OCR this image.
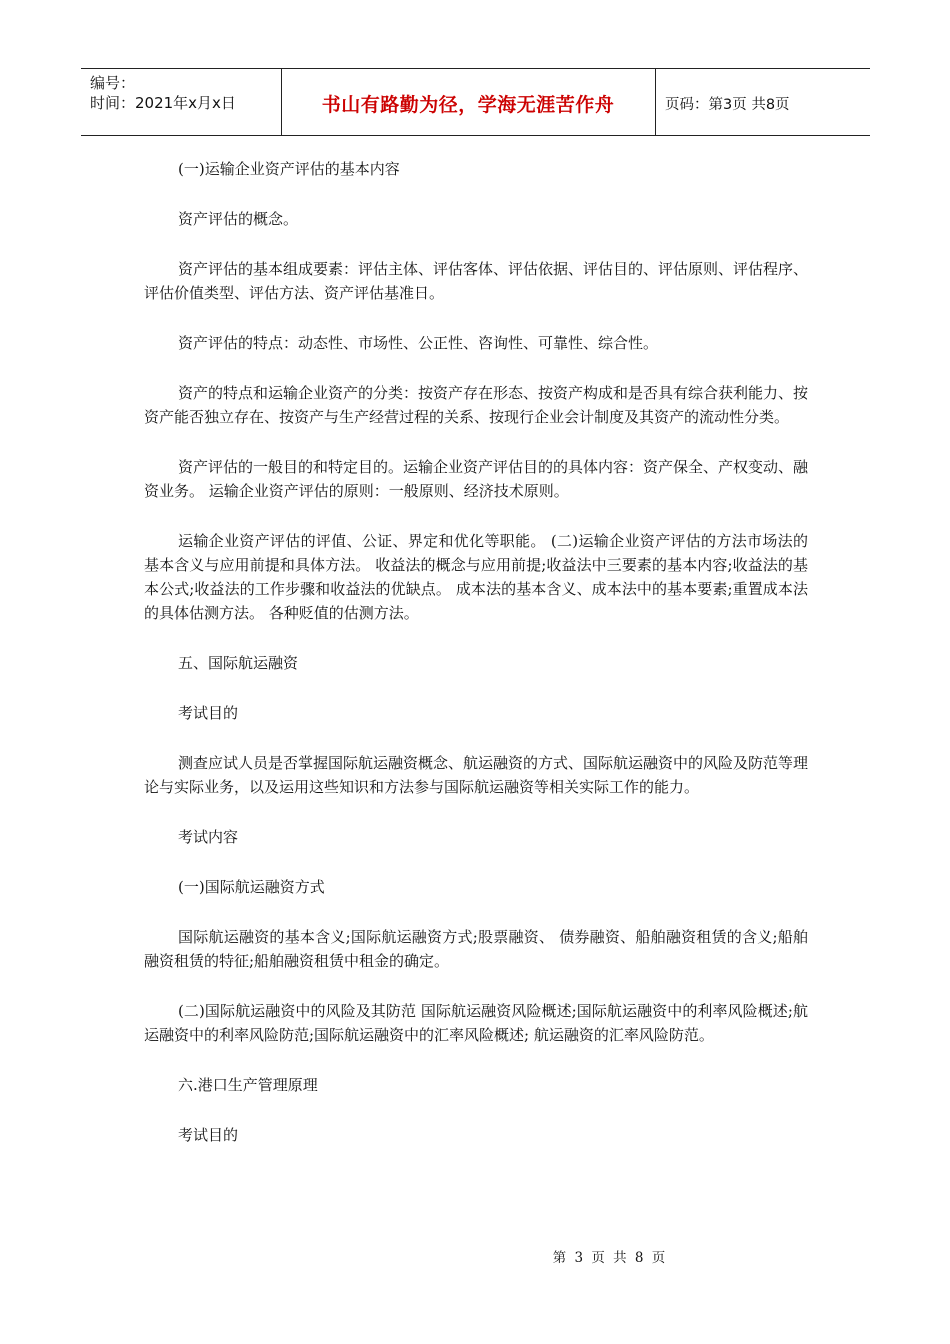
编号：
时间：2021年x月x日	书山有路勤为径，学海无涯苦作舟	页码：第3页 共8页

(一)运输企业资产评估的基本内容

资产评估的概念。

资产评估的基本组成要素：评估主体、评估客体、评估依据、评估目的、评估原则、评估程序、评估价值类型、评估方法、资产评估基准日。

资产评估的特点：动态性、市场性、公正性、咨询性、可靠性、综合性。

资产的特点和运输企业资产的分类：按资产存在形态、按资产构成和是否具有综合获利能力、按资产能否独立存在、按资产与生产经营过程的关系、按现行企业会计制度及其资产的流动性分类。

资产评估的一般目的和特定目的。运输企业资产评估目的的具体内容：资产保全、产权变动、融资业务。 运输企业资产评估的原则：一般原则、经济技术原则。

运输企业资产评估的评值、公证、界定和优化等职能。 (二)运输企业资产评估的方法市场法的基本含义与应用前提和具体方法。 收益法的概念与应用前提;收益法中三要素的基本内容;收益法的基本公式;收益法的工作步骤和收益法的优缺点。 成本法的基本含义、成本法中的基本要素;重置成本法的具体估测方法。 各种贬值的估测方法。

五、国际航运融资

考试目的

测查应试人员是否掌握国际航运融资概念、航运融资的方式、国际航运融资中的风险及防范等理论与实际业务，以及运用这些知识和方法参与国际航运融资等相关实际工作的能力。

考试内容

(一)国际航运融资方式

国际航运融资的基本含义;国际航运融资方式;股票融资、 债券融资、船舶融资租赁的含义;船舶融资租赁的特征;船舶融资租赁中租金的确定。

(二)国际航运融资中的风险及其防范 国际航运融资风险概述;国际航运融资中的利率风险概述;航运融资中的利率风险防范;国际航运融资中的汇率风险概述; 航运融资的汇率风险防范。

六.港口生产管理原理

考试目的

第 3 页 共 8 页
